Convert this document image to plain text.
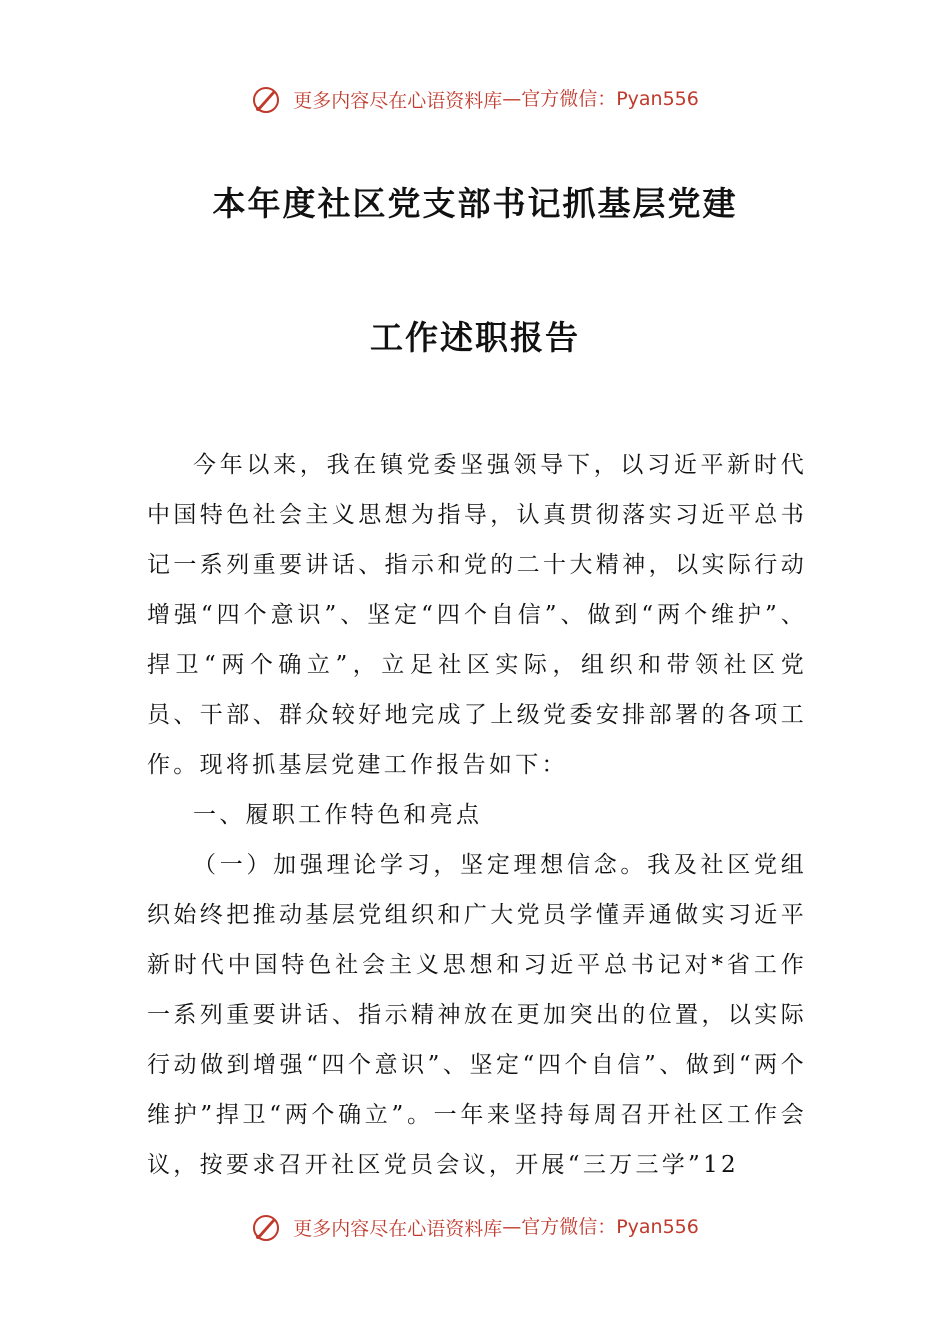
更多内容尽在心语资料库—官方微信：Pyan556
本年度社区党支部书记抓基层党建
工作述职报告

今年以来，我在镇党委坚强领导下，以习近平新时代中国特色社会主义思想为指导，认真贯彻落实习近平总书记一系列重要讲话、指示和党的二十大精神，以实际行动增强“四个意识”、坚定“四个自信”、做到“两个维护”、捍卫“两个确立”，立足社区实际，组织和带领社区党员、干部、群众较好地完成了上级党委安排部署的各项工作。现将抓基层党建工作报告如下：

一、履职工作特色和亮点

（一）加强理论学习，坚定理想信念。我及社区党组织始终把推动基层党组织和广大党员学懂弄通做实习近平新时代中国特色社会主义思想和习近平总书记对*省工作一系列重要讲话、指示精神放在更加突出的位置，以实际行动做到增强“四个意识”、坚定“四个自信”、做到“两个维护”捍卫“两个确立”。一年来坚持每周召开社区工作会议，按要求召开社区党员会议，开展“三万三学”12

更多内容尽在心语资料库—官方微信：Pyan556
